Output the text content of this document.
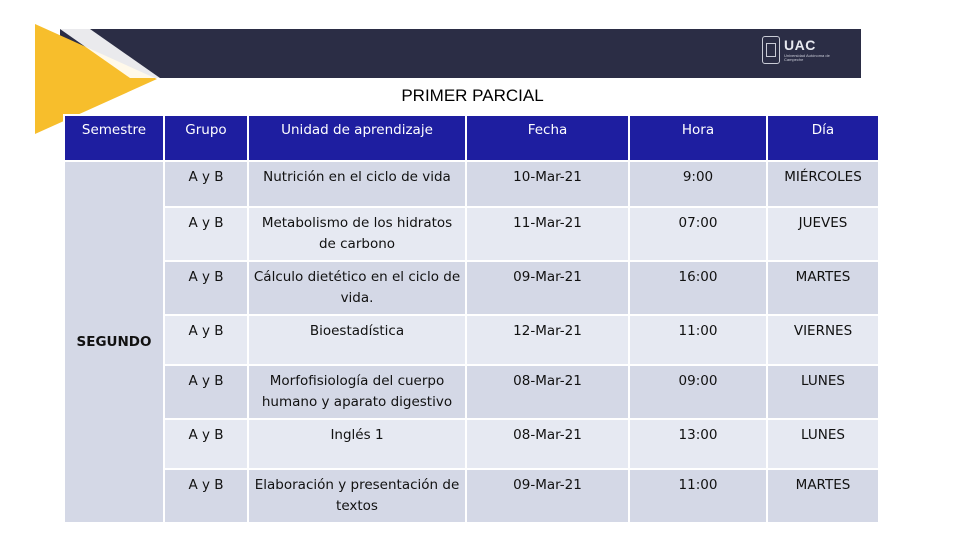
UAC
Universidad Autónoma de Campeche
PRIMER PARCIAL
Semestre	Grupo	Unidad de aprendizaje	Fecha	Hora	Día
SEGUNDO	A y B	Nutrición en el ciclo de vida	10-Mar-21	9:00	MIÉRCOLES
	A y B	Metabolismo de los hidratos de carbono	11-Mar-21	07:00	JUEVES
	A y B	Cálculo dietético en el ciclo de vida.	09-Mar-21	16:00	MARTES
	A y B	Bioestadística	12-Mar-21	11:00	VIERNES
	A y B	Morfofisiología del cuerpo humano y aparato digestivo	08-Mar-21	09:00	LUNES
	A y B	Inglés 1	08-Mar-21	13:00	LUNES
	A y B	Elaboración y presentación de textos	09-Mar-21	11:00	MARTES
